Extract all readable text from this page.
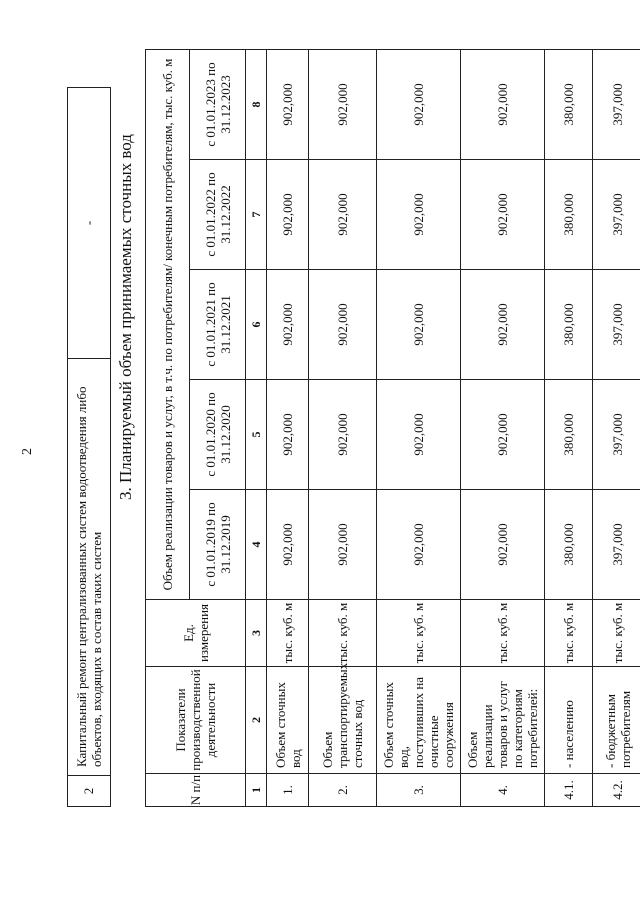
2
2	Капитальный ремонт централизованных систем водоотведения либо объектов, входящих в состав таких систем	- 3. Планируемый объем принимаемых сточных вод
N п/п	Показатели производственной деятельности	Ед. измерения	Объем реализации товаров и услуг, в т.ч. по потребителям/ конечным потребителям, тыс. куб. м				
			с 01.01.2019 по 31.12.2019	с 01.01.2020 по 31.12.2020	с 01.01.2021 по 31.12.2021	с 01.01.2022 по 31.12.2022	с 01.01.2023 по 31.12.2023
1	2	3	4	5	6	7	8
1.	Объем сточных вод	тыс. куб. м	902,000	902,000	902,000	902,000	902,000
2.	Объем транспортируемых сточных вод	тыс. куб. м	902,000	902,000	902,000	902,000	902,000
3.	Объем сточных вод, поступивших на очистные сооружения	тыс. куб. м	902,000	902,000	902,000	902,000	902,000
4.	Объем реализации товаров и услуг по категориям потребителей:	тыс. куб. м	902,000	902,000	902,000	902,000	902,000
4.1.	- населению	тыс. куб. м	380,000	380,000	380,000	380,000	380,000
4.2.	- бюджетным потребителям	тыс. куб. м	397,000	397,000	397,000	397,000	397,000
